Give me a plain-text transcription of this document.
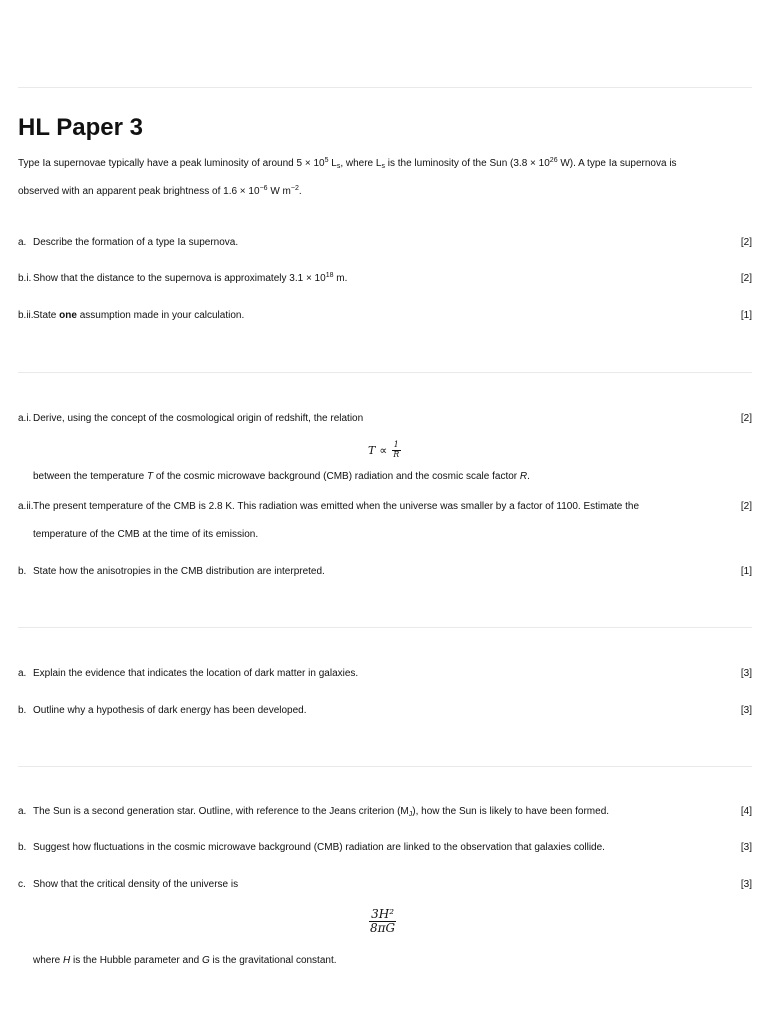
HL Paper 3
Type Ia supernovae typically have a peak luminosity of around $5 \times 10^5$ $L_s$, where $L_s$ is the luminosity of the Sun ($3.8 \times 10^{26}$ W). A type Ia supernova is
observed with an apparent peak brightness of $1.6 \times 10^{-6}$ W $m^{-2}$.
a. Describe the formation of a type Ia supernova.	[2]
b.i. Show that the distance to the supernova is approximately $3.1 \times 10^{18}$ m.	[2]
b.ii. State one assumption made in your calculation.	[1]
a.i. Derive, using the concept of the cosmological origin of redshift, the relation	[2]
$T \propto \frac{1}{R}$
between the temperature T of the cosmic microwave background (CMB) radiation and the cosmic scale factor R.
a.ii. The present temperature of the CMB is 2.8 K. This radiation was emitted when the universe was smaller by a factor of 1100. Estimate the	[2]
temperature of the CMB at the time of its emission.
b. State how the anisotropies in the CMB distribution are interpreted.	[1]
a. Explain the evidence that indicates the location of dark matter in galaxies.	[3]
b. Outline why a hypothesis of dark energy has been developed.	[3]
a. The Sun is a second generation star. Outline, with reference to the Jeans criterion $(M_J)$, how the Sun is likely to have been formed.	[4]
b. Suggest how fluctuations in the cosmic microwave background (CMB) radiation are linked to the observation that galaxies collide.	[3]
c. Show that the critical density of the universe is	[3]
$\frac{\text{3H²}}{8\pi G}$
where H is the Hubble parameter and G is the gravitational constant.
